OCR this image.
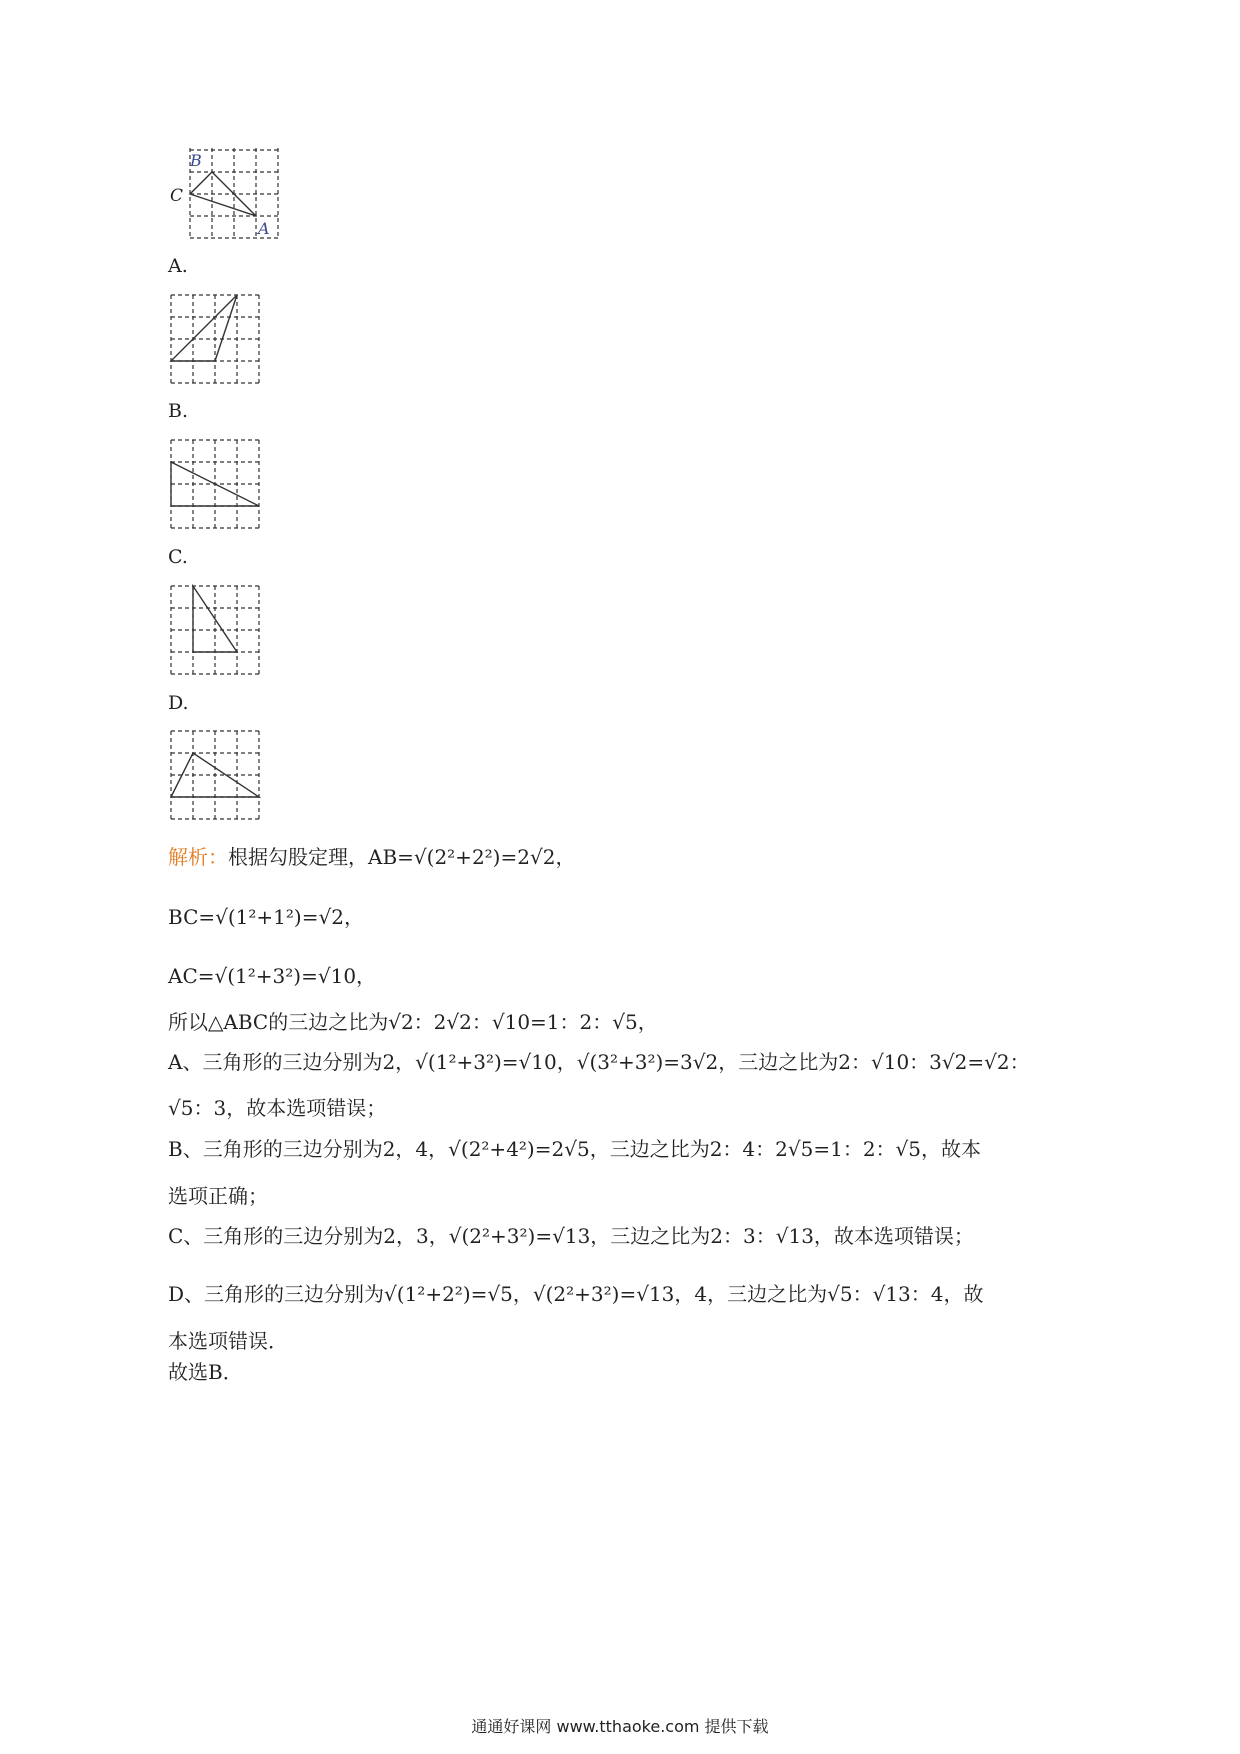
B
C
A
A.
B.
C.
D.
解析：根据勾股定理，AB=√(2²+2²)=2√2，
BC=√(1²+1²)=√2，
AC=√(1²+3²)=√10，
所以△ABC的三边之比为√2：2√2：√10=1：2：√5，
A、三角形的三边分别为2，√(1²+3²)=√10，√(3²+3²)=3√2，三边之比为2：√10：3√2=√2：
√5：3，故本选项错误；
B、三角形的三边分别为2，4，√(2²+4²)=2√5，三边之比为2：4：2√5=1：2：√5，故本
选项正确；
C、三角形的三边分别为2，3，√(2²+3²)=√13，三边之比为2：3：√13，故本选项错误；
D、三角形的三边分别为√(1²+2²)=√5，√(2²+3²)=√13，4，三边之比为√5：√13：4，故
本选项错误．
故选B．
通通好课网 www.tthaoke.com 提供下载
